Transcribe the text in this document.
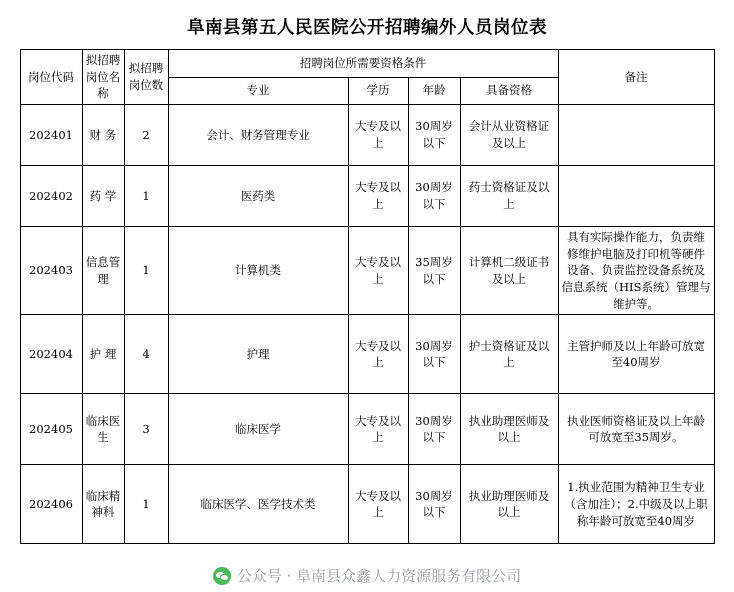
阜南县第五人民医院公开招聘编外人员岗位表
岗位代码	拟招聘岗位名称	拟招聘岗位数	招聘岗位所需要资格条件				备注
			专业	学历	年龄	具备资格	
202401	财 务	2	会计、财务管理专业	大专及以上	30周岁以下	会计从业资格证及以上	
202402	药 学	1	医药类	大专及以上	30周岁以下	药士资格证及以上	
202403	信息管理	1	计算机类	大专及以上	35周岁以下	计算机二级证书及以上	具有实际操作能力，负责维修维护电脑及打印机等硬件设备、负责监控设备系统及信息系统（HIS系统）管理与维护等。
202404	护 理	4	护理	大专及以上	30周岁以下	护士资格证及以上	主管护师及以上年龄可放宽至40周岁
202405	临床医生	3	临床医学	大专及以上	30周岁以下	执业助理医师及以上	执业医师资格证及以上年龄可放宽至35周岁。
202406	临床精神科	1	临床医学、医学技术类	大专及以上	30周岁以下	执业助理医师及以上	1.执业范围为精神卫生专业（含加注）；2.中级及以上职称年龄可放宽至40周岁
公众号 · 阜南县众鑫人力资源服务有限公司
